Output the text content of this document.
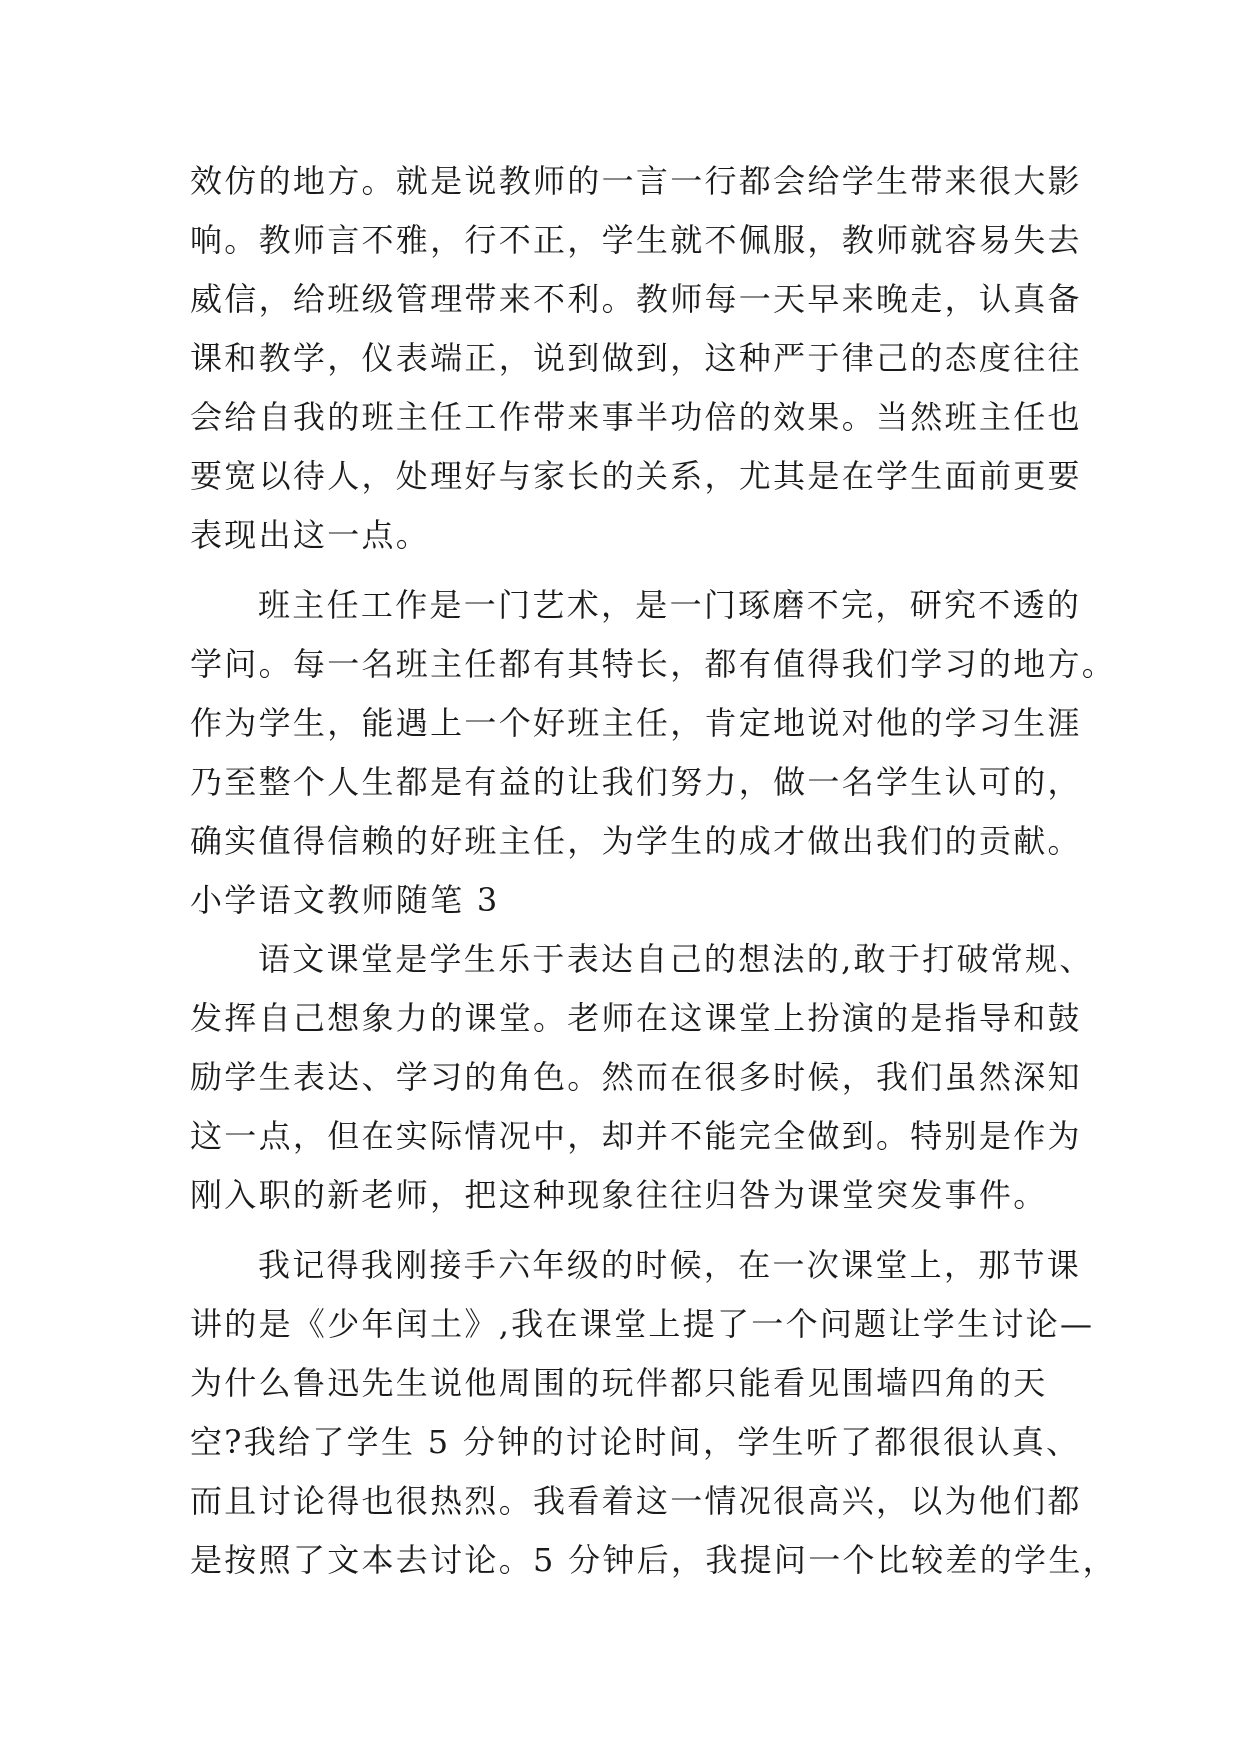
效仿的地方。就是说教师的一言一行都会给学生带来很大影
响。教师言不雅，行不正，学生就不佩服，教师就容易失去
威信，给班级管理带来不利。教师每一天早来晚走，认真备
课和教学，仪表端正，说到做到，这种严于律己的态度往往
会给自我的班主任工作带来事半功倍的效果。当然班主任也
要宽以待人，处理好与家长的关系，尤其是在学生面前更要
表现出这一点。
班主任工作是一门艺术，是一门琢磨不完，研究不透的
学问。每一名班主任都有其特长，都有值得我们学习的地方。
作为学生，能遇上一个好班主任，肯定地说对他的学习生涯
乃至整个人生都是有益的让我们努力，做一名学生认可的，
确实值得信赖的好班主任，为学生的成才做出我们的贡献。
小学语文教师随笔 3
语文课堂是学生乐于表达自己的想法的,敢于打破常规、
发挥自己想象力的课堂。老师在这课堂上扮演的是指导和鼓
励学生表达、学习的角色。然而在很多时候，我们虽然深知
这一点，但在实际情况中，却并不能完全做到。特别是作为
刚入职的新老师，把这种现象往往归咎为课堂突发事件。
我记得我刚接手六年级的时候，在一次课堂上，那节课
讲的是《少年闰土》,我在课堂上提了一个问题让学生讨论—
为什么鲁迅先生说他周围的玩伴都只能看见围墙四角的天
空?我给了学生 5 分钟的讨论时间，学生听了都很很认真、
而且讨论得也很热烈。我看着这一情况很高兴，以为他们都
是按照了文本去讨论。5 分钟后，我提问一个比较差的学生，
